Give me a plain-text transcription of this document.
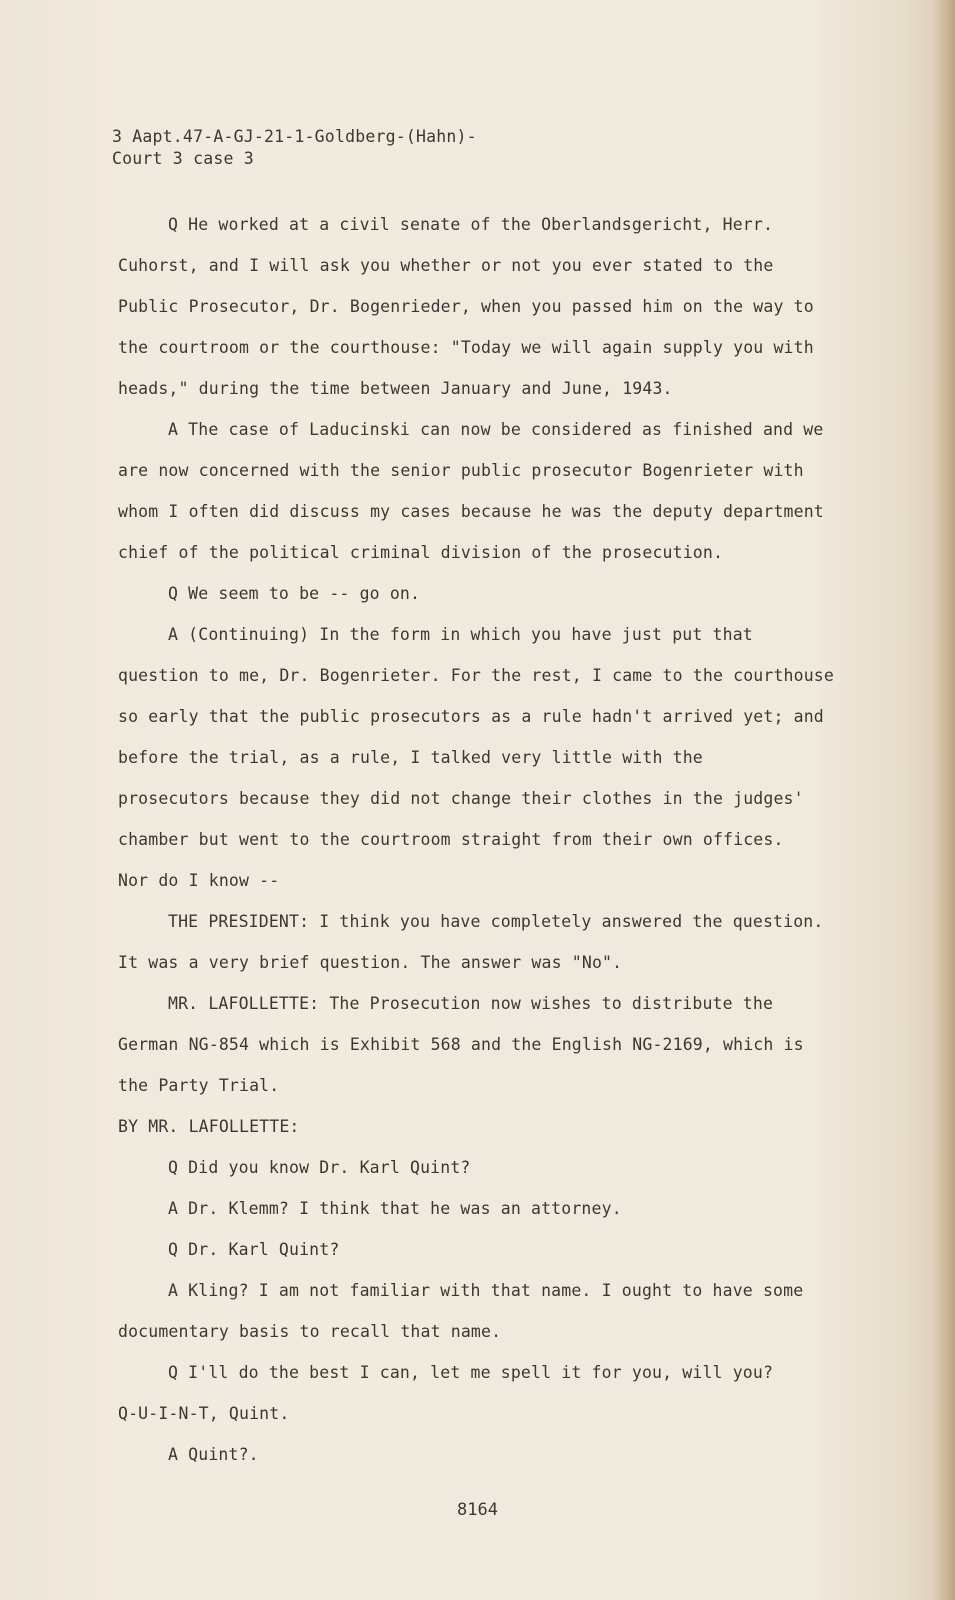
3 Aapt.47-A-GJ-21-1-Goldberg-(Hahn)-
Court 3 case 3
Q He worked at a civil senate of the Oberlandsgericht, Herr.
Cuhorst, and I will ask you whether or not you ever stated to the
Public Prosecutor, Dr. Bogenrieder, when you passed him on the way to
the courtroom or the courthouse: "Today we will again supply you with
heads," during the time between January and June, 1943.
A The case of Laducinski can now be considered as finished and we
are now concerned with the senior public prosecutor Bogenrieter with
whom I often did discuss my cases because he was the deputy department
chief of the political criminal division of the prosecution.
Q We seem to be -- go on.
A (Continuing) In the form in which you have just put that
question to me, Dr. Bogenrieter. For the rest, I came to the courthouse
so early that the public prosecutors as a rule hadn't arrived yet; and
before the trial, as a rule, I talked very little with the
prosecutors because they did not change their clothes in the judges'
chamber but went to the courtroom straight from their own offices.
Nor do I know --
THE PRESIDENT: I think you have completely answered the question.
It was a very brief question. The answer was "No".
MR. LAFOLLETTE: The Prosecution now wishes to distribute the
German NG-854 which is Exhibit 568 and the English NG-2169, which is
the Party Trial.
BY MR. LAFOLLETTE:
Q Did you know Dr. Karl Quint?
A Dr. Klemm? I think that he was an attorney.
Q Dr. Karl Quint?
A Kling? I am not familiar with that name. I ought to have some
documentary basis to recall that name.
Q I'll do the best I can, let me spell it for you, will you?
Q-U-I-N-T, Quint.
A Quint?.
8164
